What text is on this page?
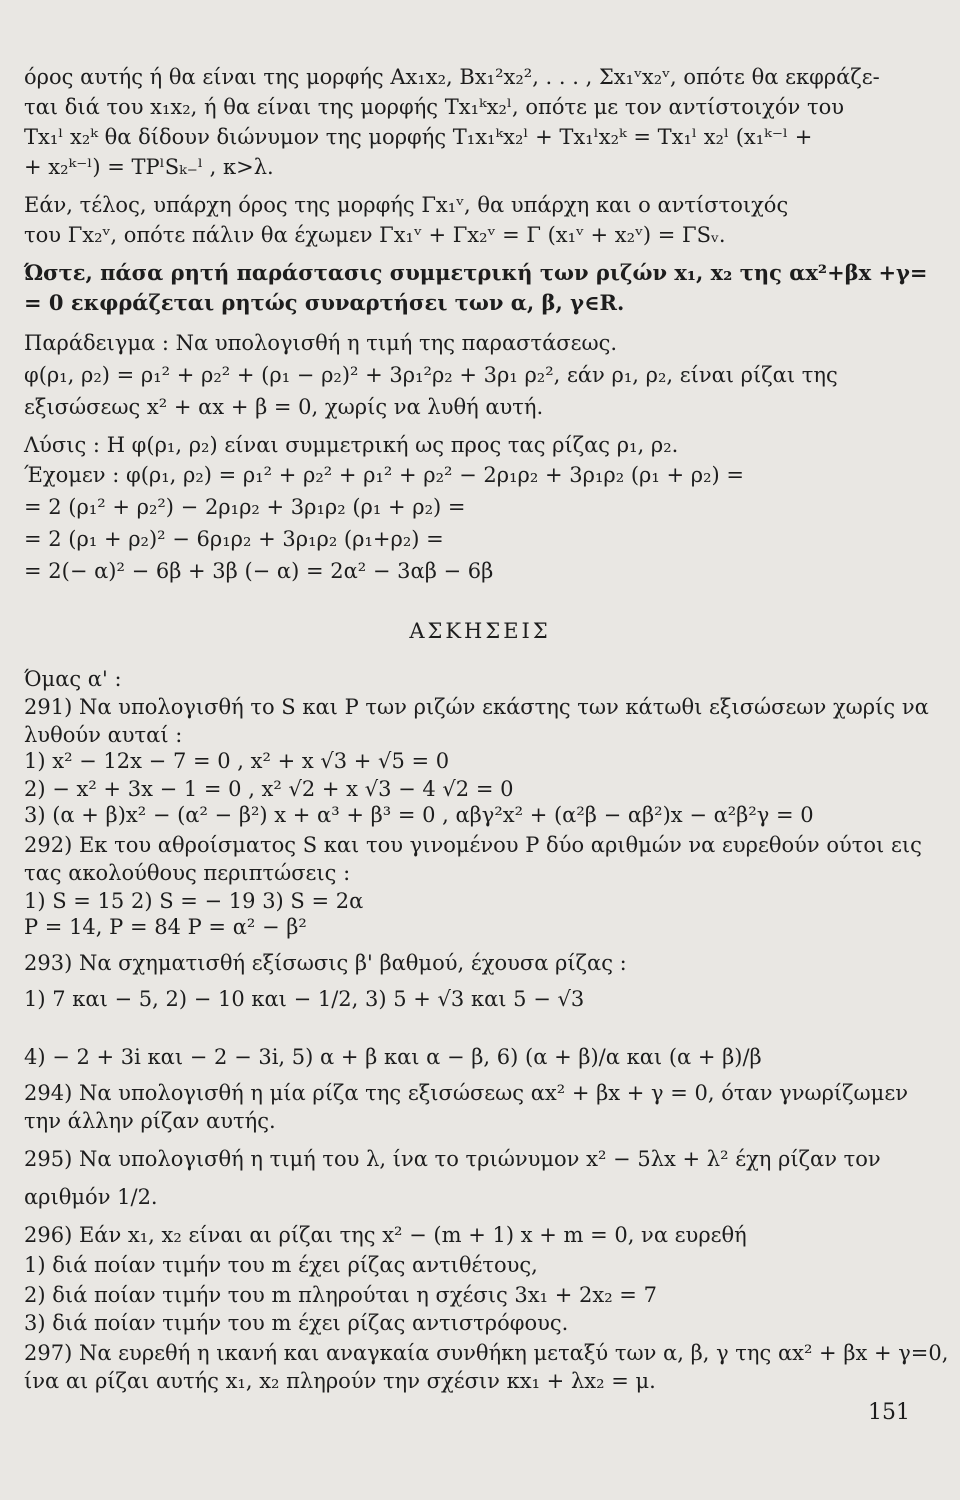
όρος αυτής ή θα είναι της μορφής Αx₁x₂, Βx₁²x₂², . . . , Σx₁ᵛx₂ᵛ, οπότε θα εκφράζε-
ται διά του x₁x₂, ή θα είναι της μορφής Τx₁ᵏx₂ˡ, οπότε με τον αντίστοιχόν του
Τx₁ˡ x₂ᵏ θα δίδουν διώνυμον της μορφής Τ₁x₁ᵏx₂ˡ + Τx₁ˡx₂ᵏ = Τx₁ˡ x₂ˡ (x₁ᵏ⁻ˡ +
+ x₂ᵏ⁻ˡ) = ΤΡˡSₖ₋ˡ , κ>λ.
Εάν, τέλος, υπάρχη όρος της μορφής Γx₁ᵛ, θα υπάρχη και ο αντίστοιχός
του Γx₂ᵛ, οπότε πάλιν θα έχωμεν Γx₁ᵛ + Γx₂ᵛ = Γ (x₁ᵛ + x₂ᵛ) = ΓSᵥ.
Ώστε, πάσα ρητή παράστασις συμμετρική των ριζών x₁, x₂ της αx²+βx +γ=
= 0 εκφράζεται ρητώς συναρτήσει των α, β, γ∈R.
Παράδειγμα : Να υπολογισθή η τιμή της παραστάσεως.
φ(ρ₁, ρ₂) = ρ₁² + ρ₂² + (ρ₁ − ρ₂)² + 3ρ₁²ρ₂ + 3ρ₁ ρ₂², εάν ρ₁, ρ₂, είναι ρίζαι της
εξισώσεως x² + αx + β = 0, χωρίς να λυθή αυτή.
Λύσις : Η φ(ρ₁, ρ₂) είναι συμμετρική ως προς τας ρίζας ρ₁, ρ₂.
Έχομεν : φ(ρ₁, ρ₂) = ρ₁² + ρ₂² + ρ₁² + ρ₂² − 2ρ₁ρ₂ + 3ρ₁ρ₂ (ρ₁ + ρ₂) =
= 2 (ρ₁² + ρ₂²) − 2ρ₁ρ₂ + 3ρ₁ρ₂ (ρ₁ + ρ₂) =
= 2 (ρ₁ + ρ₂)² − 6ρ₁ρ₂ + 3ρ₁ρ₂ (ρ₁+ρ₂) =
= 2(− α)² − 6β + 3β (− α) = 2α² − 3αβ − 6β
ΑΣΚΗΣΕΙΣ
Όμας α' :
291) Να υπολογισθή το S και Ρ των ριζών εκάστης των κάτωθι εξισώσεων χωρίς να
λυθούν αυταί :
1) x² − 12x − 7 = 0 , x² + x √3 + √5 = 0
2) − x² + 3x − 1 = 0 , x² √2 + x √3 − 4 √2 = 0
3) (α + β)x² − (α² − β²) x + α³ + β³ = 0 , αβγ²x² + (α²β − αβ²)x − α²β²γ = 0
292) Εκ του αθροίσματος S και του γινομένου Ρ δύο αριθμών να ευρεθούν ούτοι εις
τας ακολούθους περιπτώσεις :
1) S = 15 2) S = − 19 3) S = 2α
P = 14, P = 84 P = α² − β²
293) Να σχηματισθή εξίσωσις β' βαθμού, έχουσα ρίζας :
1) 7 και − 5, 2) − 10 και − 1/2, 3) 5 + √3 και 5 − √3
4) − 2 + 3i και − 2 − 3i, 5) α + β και α − β, 6) (α + β)/α και (α + β)/β
294) Να υπολογισθή η μία ρίζα της εξισώσεως αx² + βx + γ = 0, όταν γνωρίζωμεν
την άλλην ρίζαν αυτής.
295) Να υπολογισθή η τιμή του λ, ίνα το τριώνυμον x² − 5λx + λ² έχη ρίζαν τον
αριθμόν 1/2.
296) Εάν x₁, x₂ είναι αι ρίζαι της x² − (m + 1) x + m = 0, να ευρεθή
1) διά ποίαν τιμήν του m έχει ρίζας αντιθέτους,
2) διά ποίαν τιμήν του m πληρούται η σχέσις 3x₁ + 2x₂ = 7
3) διά ποίαν τιμήν του m έχει ρίζας αντιστρόφους.
297) Να ευρεθή η ικανή και αναγκαία συνθήκη μεταξύ των α, β, γ της αx² + βx + γ=0,
ίνα αι ρίζαι αυτής x₁, x₂ πληρούν την σχέσιν κx₁ + λx₂ = μ.
151
